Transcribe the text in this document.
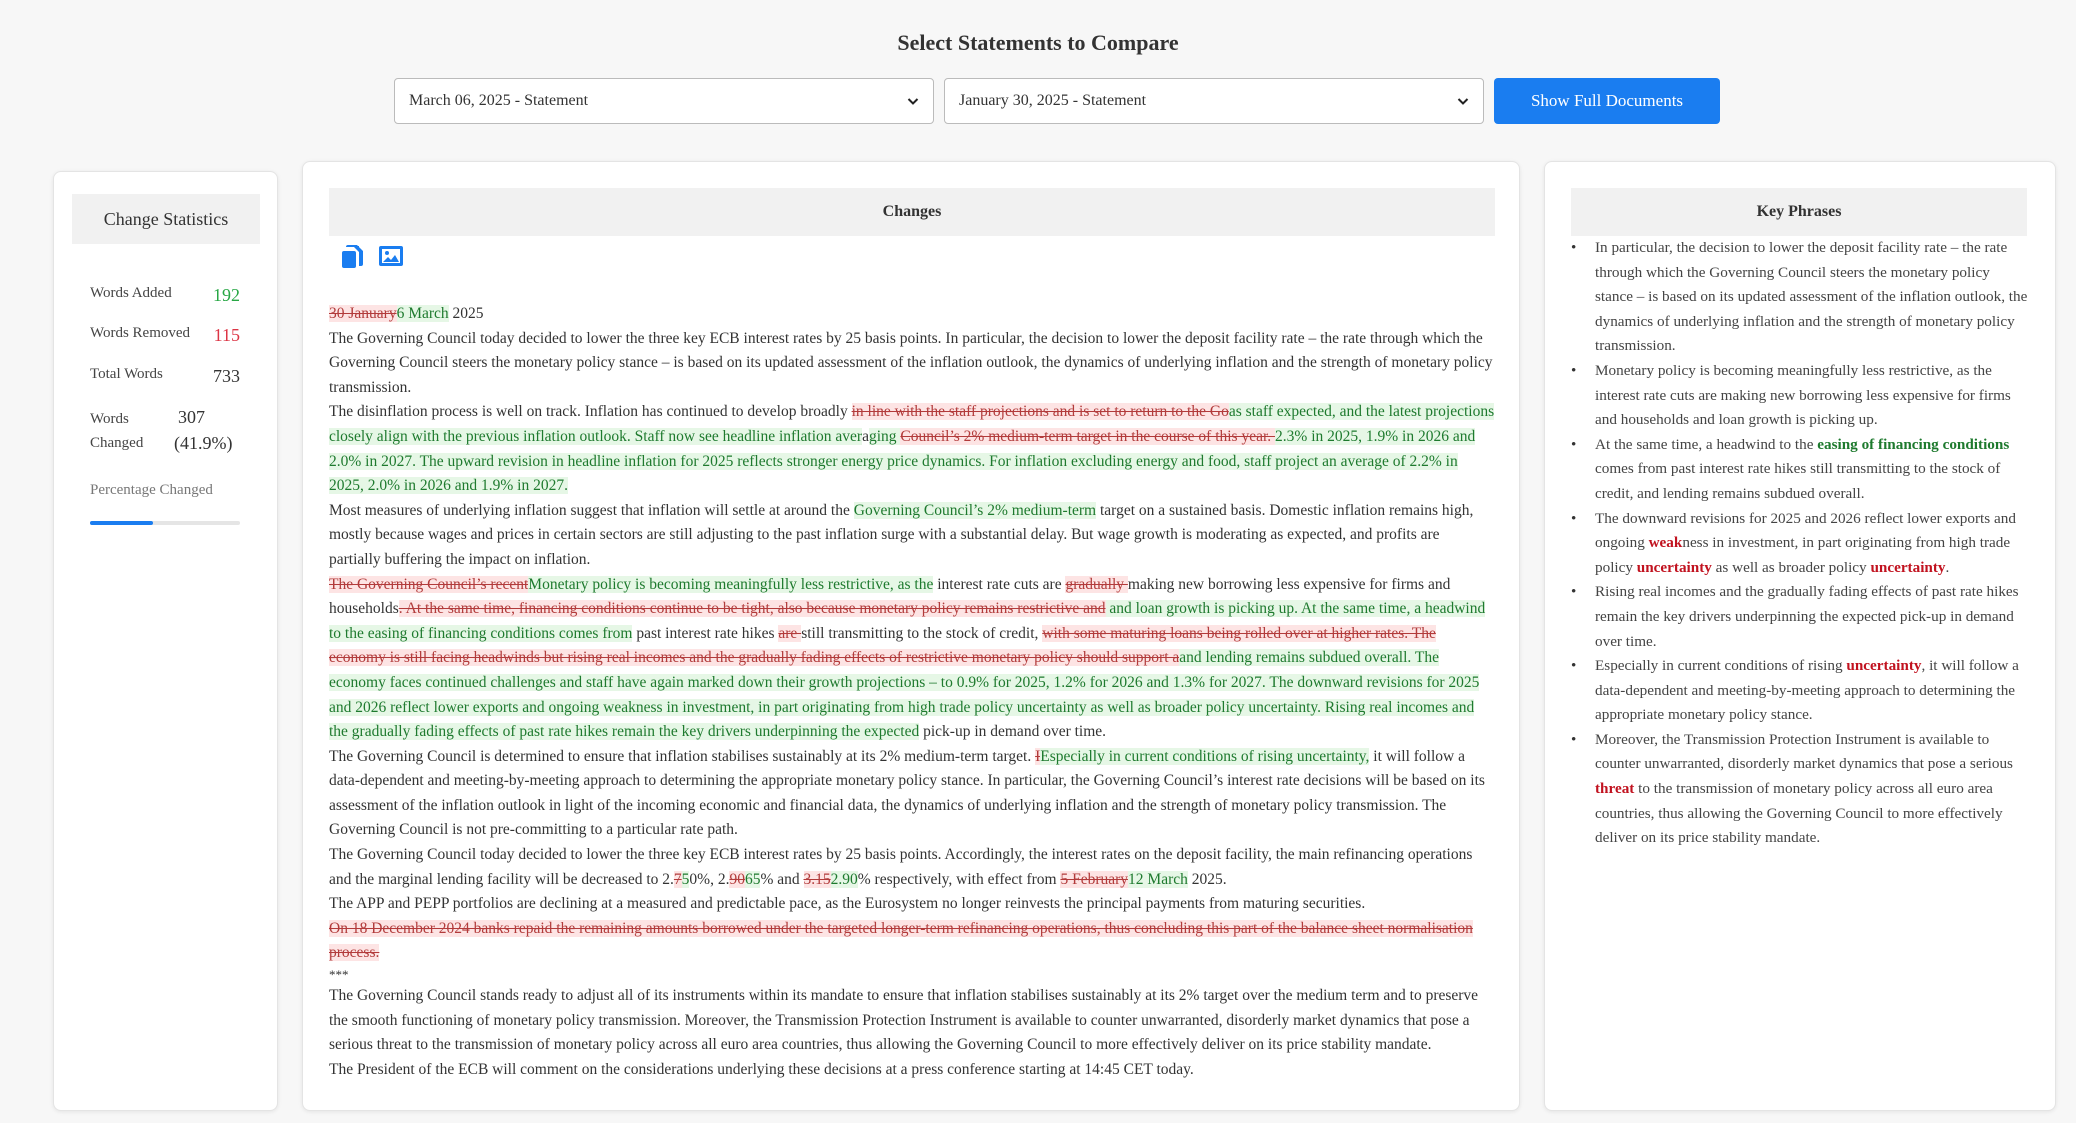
Select Statements to Compare
March 06, 2025 - Statement	January 30, 2025 - Statement	Show Full Documents
Change Statistics
Words Added 192
Words Removed 115
Total Words	733
Words Changed
307
(41.9%)
Percentage Changed
Changes

30 January6 March 2025

The Governing Council today decided to lower the three key ECB interest rates by 25 basis points. In particular, the decision to lower the deposit facility rate – the rate through which the Governing Council steers the monetary policy stance – is based on its updated assessment of the inflation outlook, the dynamics of underlying inflation and the strength of monetary policy transmission.

The disinflation process is well on track. Inflation has continued to develop broadly in line with the staff projections and is set to return to the Goas staff expected, and the latest projections closely align with the previous inflation outlook. Staff now see headline inflation averaging Council’s 2% medium-term target in the course of this year. 2.3% in 2025, 1.9% in 2026 and 2.0% in 2027. The upward revision in headline inflation for 2025 reflects stronger energy price dynamics. For inflation excluding energy and food, staff project an average of 2.2% in 2025, 2.0% in 2026 and 1.9% in 2027.

Most measures of underlying inflation suggest that inflation will settle at around the Governing Council’s 2% medium-term target on a sustained basis. Domestic inflation remains high, mostly because wages and prices in certain sectors are still adjusting to the past inflation surge with a substantial delay. But wage growth is moderating as expected, and profits are partially buffering the impact on inflation.

The Governing Council’s recentMonetary policy is becoming meaningfully less restrictive, as the interest rate cuts are gradually making new borrowing less expensive for firms and households. At the same time, financing conditions continue to be tight, also because monetary policy remains restrictive and and loan growth is picking up. At the same time, a headwind to the easing of financing conditions comes from past interest rate hikes are still transmitting to the stock of credit, with some maturing loans being rolled over at higher rates. The economy is still facing headwinds but rising real incomes and the gradually fading effects of restrictive monetary policy should support aand lending remains subdued overall. The economy faces continued challenges and staff have again marked down their growth projections – to 0.9% for 2025, 1.2% for 2026 and 1.3% for 2027. The downward revisions for 2025 and 2026 reflect lower exports and ongoing weakness in investment, in part originating from high trade policy uncertainty as well as broader policy uncertainty. Rising real incomes and the gradually fading effects of past rate hikes remain the key drivers underpinning the expected pick-up in demand over time.

The Governing Council is determined to ensure that inflation stabilises sustainably at its 2% medium-term target. IEspecially in current conditions of rising uncertainty, it will follow a data-dependent and meeting-by-meeting approach to determining the appropriate monetary policy stance. In particular, the Governing Council’s interest rate decisions will be based on its assessment of the inflation outlook in light of the incoming economic and financial data, the dynamics of underlying inflation and the strength of monetary policy transmission. The Governing Council is not pre-committing to a particular rate path.

The Governing Council today decided to lower the three key ECB interest rates by 25 basis points. Accordingly, the interest rates on the deposit facility, the main refinancing operations and the marginal lending facility will be decreased to 2.750%, 2.9065% and 3.152.90% respectively, with effect from 5 February12 March 2025.

The APP and PEPP portfolios are declining at a measured and predictable pace, as the Eurosystem no longer reinvests the principal payments from maturing securities.

On 18 December 2024 banks repaid the remaining amounts borrowed under the targeted longer-term refinancing operations, thus concluding this part of the balance sheet normalisation process.

***

The Governing Council stands ready to adjust all of its instruments within its mandate to ensure that inflation stabilises sustainably at its 2% target over the medium term and to preserve the smooth functioning of monetary policy transmission. Moreover, the Transmission Protection Instrument is available to counter unwarranted, disorderly market dynamics that pose a serious threat to the transmission of monetary policy across all euro area countries, thus allowing the Governing Council to more effectively deliver on its price stability mandate.

The President of the ECB will comment on the considerations underlying these decisions at a press conference starting at 14:45 CET today.

Key Phrases
• In particular, the decision to lower the deposit facility rate – the rate through which the Governing Council steers the monetary policy stance – is based on its updated assessment of the inflation outlook, the dynamics of underlying inflation and the strength of monetary policy transmission.
• Monetary policy is becoming meaningfully less restrictive, as the interest rate cuts are making new borrowing less expensive for firms and households and loan growth is picking up.
• At the same time, a headwind to the easing of financing conditions comes from past interest rate hikes still transmitting to the stock of credit, and lending remains subdued overall.
• The downward revisions for 2025 and 2026 reflect lower exports and ongoing weakness in investment, in part originating from high trade policy uncertainty as well as broader policy uncertainty.
• Rising real incomes and the gradually fading effects of past rate hikes remain the key drivers underpinning the expected pick-up in demand over time.
• Especially in current conditions of rising uncertainty, it will follow a data-dependent and meeting-by-meeting approach to determining the appropriate monetary policy stance.
• Moreover, the Transmission Protection Instrument is available to counter unwarranted, disorderly market dynamics that pose a serious threat to the transmission of monetary policy across all euro area countries, thus allowing the Governing Council to more effectively deliver on its price stability mandate.
